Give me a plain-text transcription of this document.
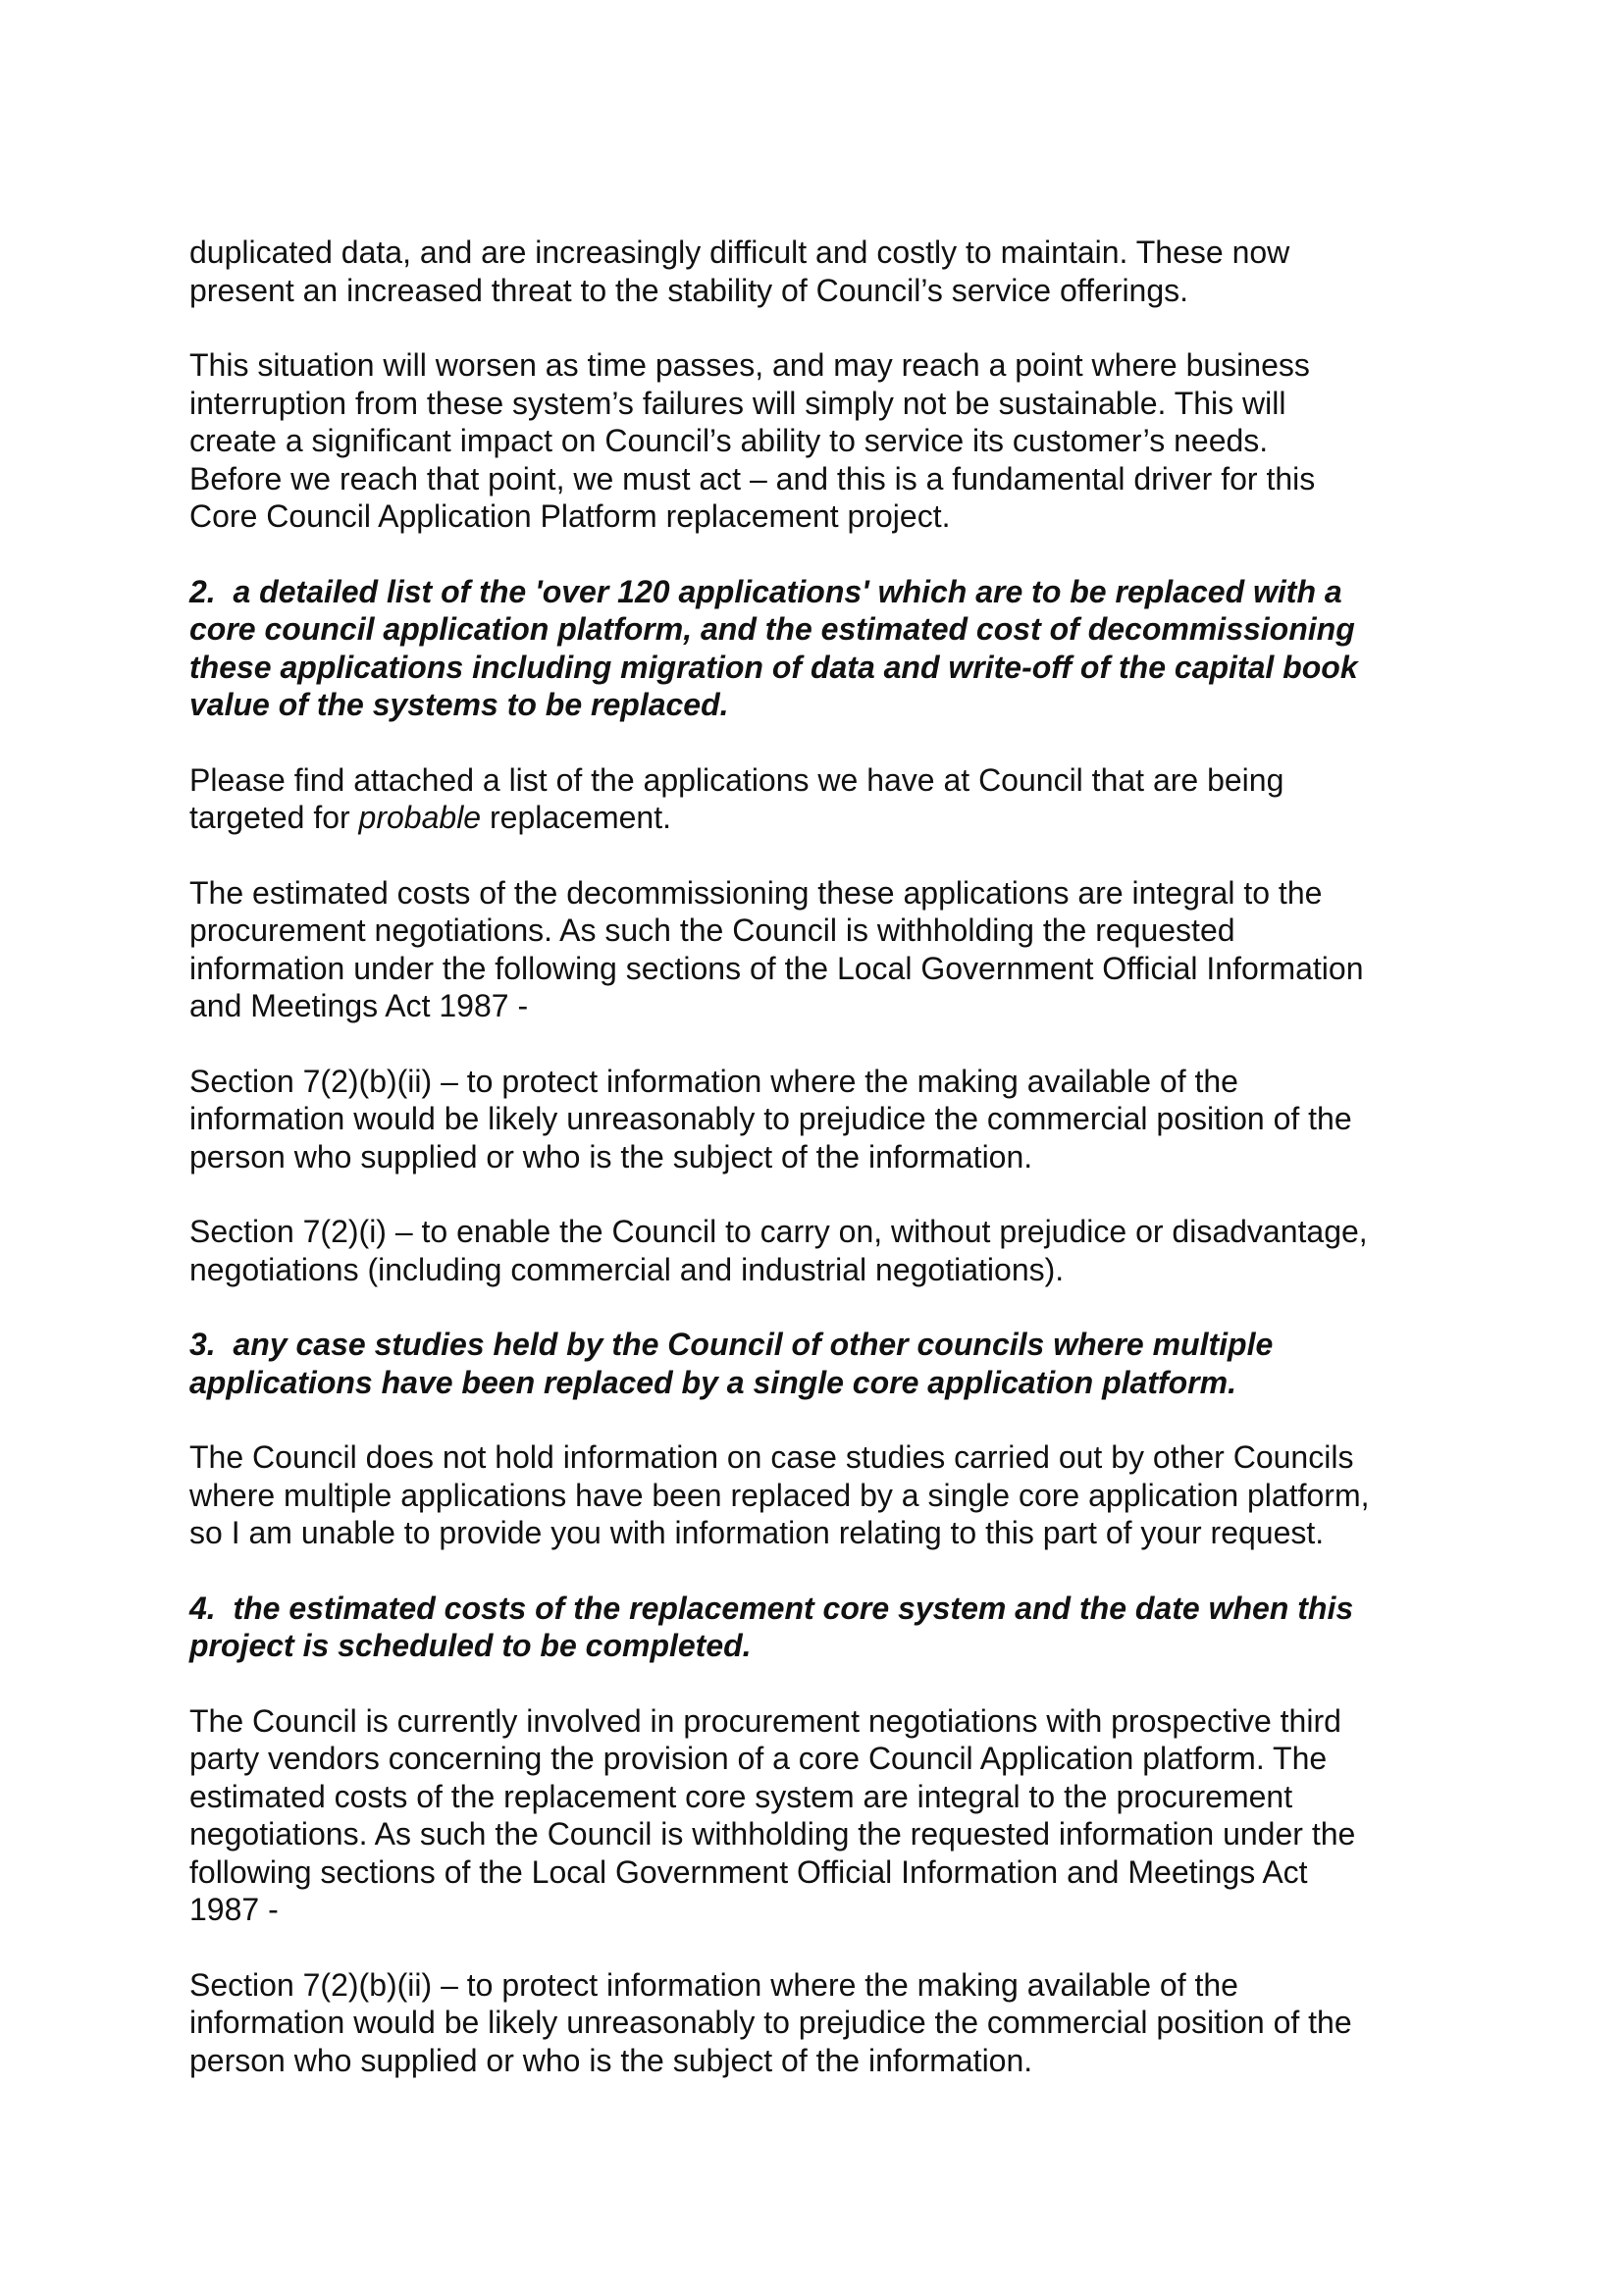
duplicated data, and are increasingly difficult and costly to maintain. These now
present an increased threat to the stability of Council’s service offerings.

This situation will worsen as time passes, and may reach a point where business
interruption from these system’s failures will simply not be sustainable. This will
create a significant impact on Council’s ability to service its customer’s needs.
Before we reach that point, we must act – and this is a fundamental driver for this
Core Council Application Platform replacement project.

2. a detailed list of the 'over 120 applications' which are to be replaced with a
core council application platform, and the estimated cost of decommissioning
these applications including migration of data and write-off of the capital book
value of the systems to be replaced.

Please find attached a list of the applications we have at Council that are being
targeted for probable replacement.

The estimated costs of the decommissioning these applications are integral to the
procurement negotiations. As such the Council is withholding the requested
information under the following sections of the Local Government Official Information
and Meetings Act 1987 -

Section 7(2)(b)(ii) – to protect information where the making available of the
information would be likely unreasonably to prejudice the commercial position of the
person who supplied or who is the subject of the information.

Section 7(2)(i) – to enable the Council to carry on, without prejudice or disadvantage,
negotiations (including commercial and industrial negotiations).

3. any case studies held by the Council of other councils where multiple
applications have been replaced by a single core application platform.

The Council does not hold information on case studies carried out by other Councils
where multiple applications have been replaced by a single core application platform,
so I am unable to provide you with information relating to this part of your request.

4. the estimated costs of the replacement core system and the date when this
project is scheduled to be completed.

The Council is currently involved in procurement negotiations with prospective third
party vendors concerning the provision of a core Council Application platform. The
estimated costs of the replacement core system are integral to the procurement
negotiations. As such the Council is withholding the requested information under the
following sections of the Local Government Official Information and Meetings Act
1987 -

Section 7(2)(b)(ii) – to protect information where the making available of the
information would be likely unreasonably to prejudice the commercial position of the
person who supplied or who is the subject of the information.
